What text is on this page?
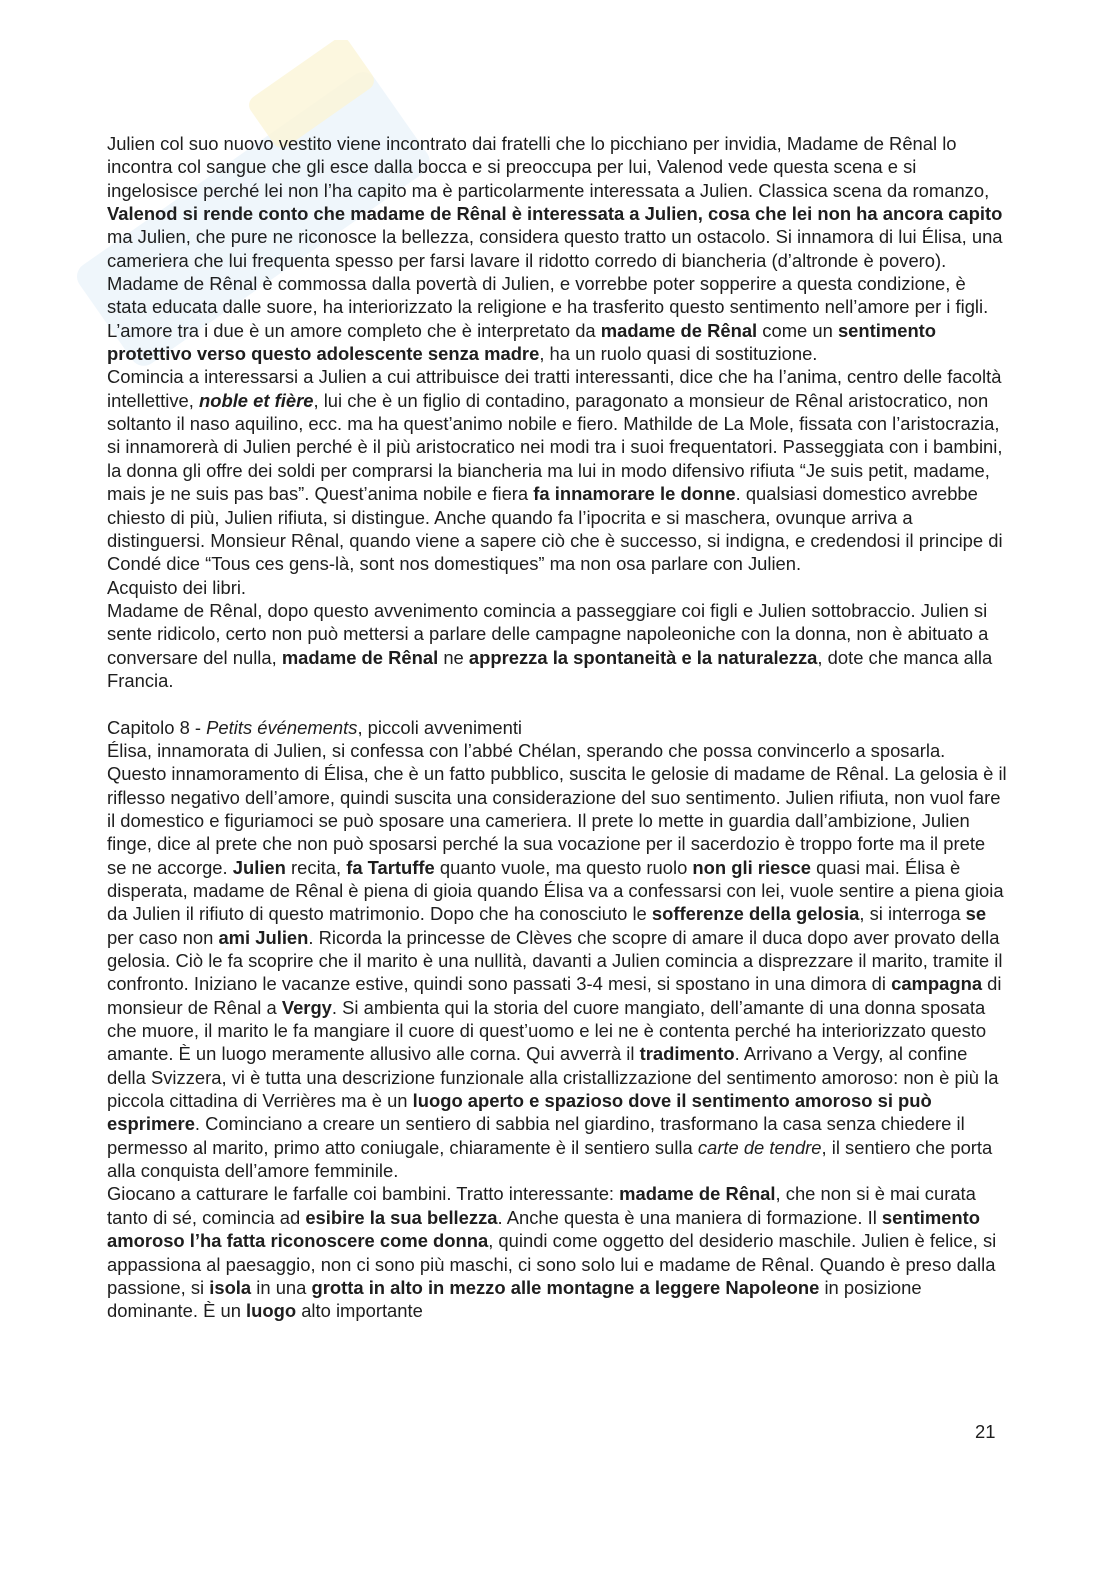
Julien col suo nuovo vestito viene incontrato dai fratelli che lo picchiano per invidia, Madame de Rênal lo incontra col sangue che gli esce dalla bocca e si preoccupa per lui, Valenod vede questa scena e si ingelosisce perché lei non l’ha capito ma è particolarmente interessata a Julien. Classica scena da romanzo, Valenod si rende conto che madame de Rênal è interessata a Julien, cosa che lei non ha ancora capito ma Julien, che pure ne riconosce la bellezza, considera questo tratto un ostacolo. Si innamora di lui Élisa, una cameriera che lui frequenta spesso per farsi lavare il ridotto corredo di biancheria (d’altronde è povero). Madame de Rênal è commossa dalla povertà di Julien, e vorrebbe poter sopperire a questa condizione, è stata educata dalle suore, ha interiorizzato la religione e ha trasferito questo sentimento nell’amore per i figli. L’amore tra i due è un amore completo che è interpretato da madame de Rênal come un sentimento protettivo verso questo adolescente senza madre, ha un ruolo quasi di sostituzione.

Comincia a interessarsi a Julien a cui attribuisce dei tratti interessanti, dice che ha l’anima, centro delle facoltà intellettive, noble et fière, lui che è un figlio di contadino, paragonato a monsieur de Rênal aristocratico, non soltanto il naso aquilino, ecc. ma ha quest’animo nobile e fiero. Mathilde de La Mole, fissata con l’aristocrazia, si innamorerà di Julien perché è il più aristocratico nei modi tra i suoi frequentatori. Passeggiata con i bambini, la donna gli offre dei soldi per comprarsi la biancheria ma lui in modo difensivo rifiuta “Je suis petit, madame, mais je ne suis pas bas”. Quest’anima nobile e fiera fa innamorare le donne. qualsiasi domestico avrebbe chiesto di più, Julien rifiuta, si distingue. Anche quando fa l’ipocrita e si maschera, ovunque arriva a distinguersi. Monsieur Rênal, quando viene a sapere ciò che è successo, si indigna, e credendosi il principe di Condé dice “Tous ces gens-là, sont nos domestiques” ma non osa parlare con Julien.

Acquisto dei libri.

Madame de Rênal, dopo questo avvenimento comincia a passeggiare coi figli e Julien sottobraccio. Julien si sente ridicolo, certo non può mettersi a parlare delle campagne napoleoniche con la donna, non è abituato a conversare del nulla, madame de Rênal ne apprezza la spontaneità e la naturalezza, dote che manca alla Francia.

Capitolo 8 - Petits événements, piccoli avvenimenti

Élisa, innamorata di Julien, si confessa con l’abbé Chélan, sperando che possa convincerlo a sposarla. Questo innamoramento di Élisa, che è un fatto pubblico, suscita le gelosie di madame de Rênal. La gelosia è il riflesso negativo dell’amore, quindi suscita una considerazione del suo sentimento. Julien rifiuta, non vuol fare il domestico e figuriamoci se può sposare una cameriera. Il prete lo mette in guardia dall’ambizione, Julien finge, dice al prete che non può sposarsi perché la sua vocazione per il sacerdozio è troppo forte ma il prete se ne accorge. Julien recita, fa Tartuffe quanto vuole, ma questo ruolo non gli riesce quasi mai. Élisa è disperata, madame de Rênal è piena di gioia quando Élisa va a confessarsi con lei, vuole sentire a piena gioia da Julien il rifiuto di questo matrimonio. Dopo che ha conosciuto le sofferenze della gelosia, si interroga se per caso non ami Julien. Ricorda la princesse de Clèves che scopre di amare il duca dopo aver provato della gelosia. Ciò le fa scoprire che il marito è una nullità, davanti a Julien comincia a disprezzare il marito, tramite il confronto. Iniziano le vacanze estive, quindi sono passati 3-4 mesi, si spostano in una dimora di campagna di monsieur de Rênal a Vergy. Si ambienta qui la storia del cuore mangiato, dell’amante di una donna sposata che muore, il marito le fa mangiare il cuore di quest’uomo e lei ne è contenta perché ha interiorizzato questo amante. È un luogo meramente allusivo alle corna. Qui avverrà il tradimento. Arrivano a Vergy, al confine della Svizzera, vi è tutta una descrizione funzionale alla cristallizzazione del sentimento amoroso: non è più la piccola cittadina di Verrières ma è un luogo aperto e spazioso dove il sentimento amoroso si può esprimere. Cominciano a creare un sentiero di sabbia nel giardino, trasformano la casa senza chiedere il permesso al marito, primo atto coniugale, chiaramente è il sentiero sulla carte de tendre, il sentiero che porta alla conquista dell’amore femminile.

Giocano a catturare le farfalle coi bambini. Tratto interessante: madame de Rênal, che non si è mai curata tanto di sé, comincia ad esibire la sua bellezza. Anche questa è una maniera di formazione. Il sentimento amoroso l’ha fatta riconoscere come donna, quindi come oggetto del desiderio maschile. Julien è felice, si appassiona al paesaggio, non ci sono più maschi, ci sono solo lui e madame de Rênal. Quando è preso dalla passione, si isola in una grotta in alto in mezzo alle montagne a leggere Napoleone in posizione dominante. È un luogo alto importante

21
